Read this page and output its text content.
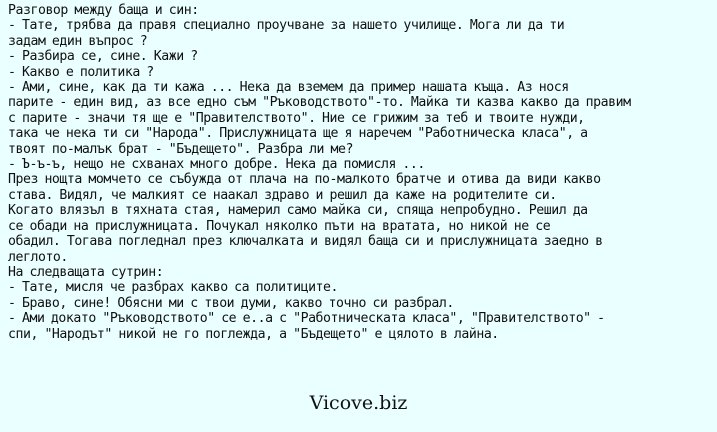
Разговор между баща и син:
- Тате, трябва да правя специално проучване за нашето училище. Мога ли да ти
задам един въпрос ?
- Разбира се, сине. Кажи ?
- Какво е политика ?
- Ами, сине, как да ти кажа ... Нека да вземем да пример нашата къща. Аз нося
парите - един вид, аз все едно съм "Ръководството"-то. Майка ти казва какво да правим
с парите - значи тя ще е "Правителството". Ние се грижим за теб и твоите нужди,
така че нека ти си "Народа". Прислужницата ще я наречем "Работническа класа", а
твоят по-малък брат - "Бъдещето". Разбра ли ме?
- Ъ-ъ-ъ, нещо не схванах много добре. Нека да помисля ...
През нощта момчето се събужда от плача на по-малкото братче и отива да види какво
става. Видял, че малкият се наакал здраво и решил да каже на родителите си.
Когато влязъл в тяхната стая, намерил само майка си, спяща непробудно. Решил да
се обади на прислужницата. Почукал няколко пъти на вратата, но никой не се
обадил. Тогава погледнал през ключалката и видял баща си и прислужницата заедно в
леглото.
На следващата сутрин:
- Тате, мисля че разбрах какво са политиците.
- Браво, сине! Обясни ми с твои думи, какво точно си разбрал.
- Ами докато "Ръководството" се е..а с "Работническата класа", "Правителството" -
спи, "Народът" никой не го поглежда, а "Бъдещето" е цялото в лайна.
Vicove.biz
